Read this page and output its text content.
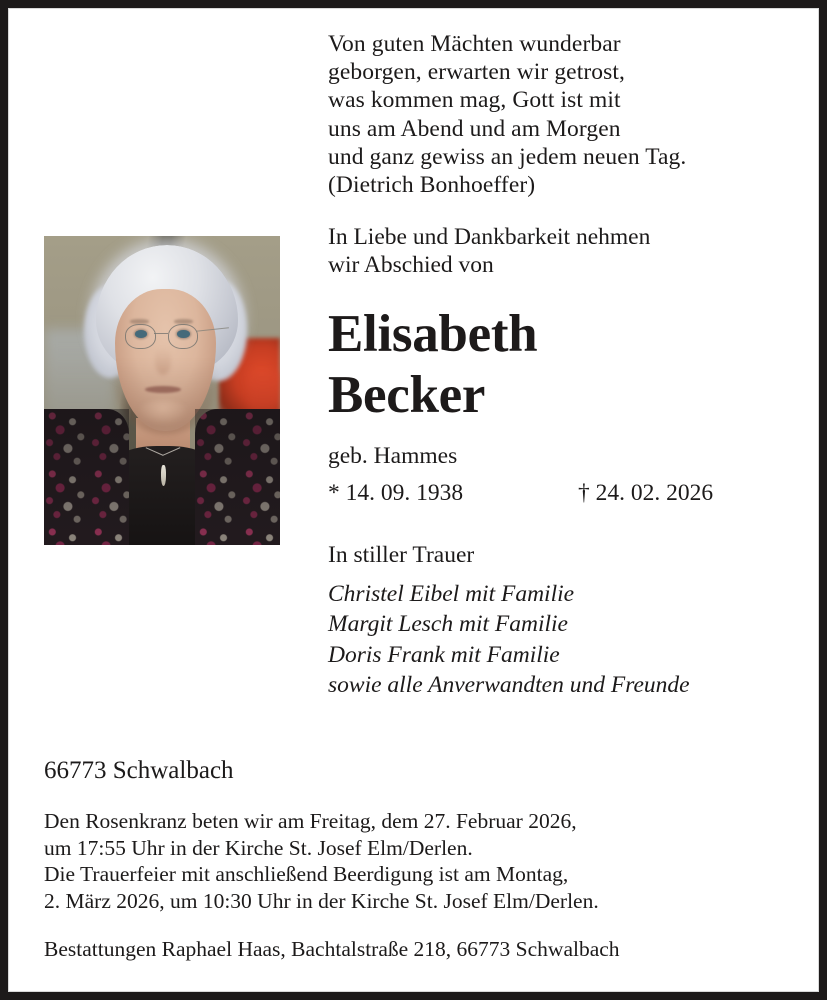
Von guten Mächten wunderbar
geborgen, erwarten wir getrost,
was kommen mag, Gott ist mit
uns am Abend und am Morgen
und ganz gewiss an jedem neuen Tag.
(Dietrich Bonhoeffer)
In Liebe und Dankbarkeit nehmen
wir Abschied von
Elisabeth
Becker
geb. Hammes
* 14. 09. 1938	† 24. 02. 2026
In stiller Trauer
Christel Eibel mit Familie
Margit Lesch mit Familie
Doris Frank mit Familie
sowie alle Anverwandten und Freunde
66773 Schwalbach
Den Rosenkranz beten wir am Freitag, dem 27. Februar 2026,
um 17:55 Uhr in der Kirche St. Josef Elm/Derlen.
Die Trauerfeier mit anschließend Beerdigung ist am Montag,
2. März 2026, um 10:30 Uhr in der Kirche St. Josef Elm/Derlen.
Bestattungen Raphael Haas, Bachtalstraße 218, 66773 Schwalbach
